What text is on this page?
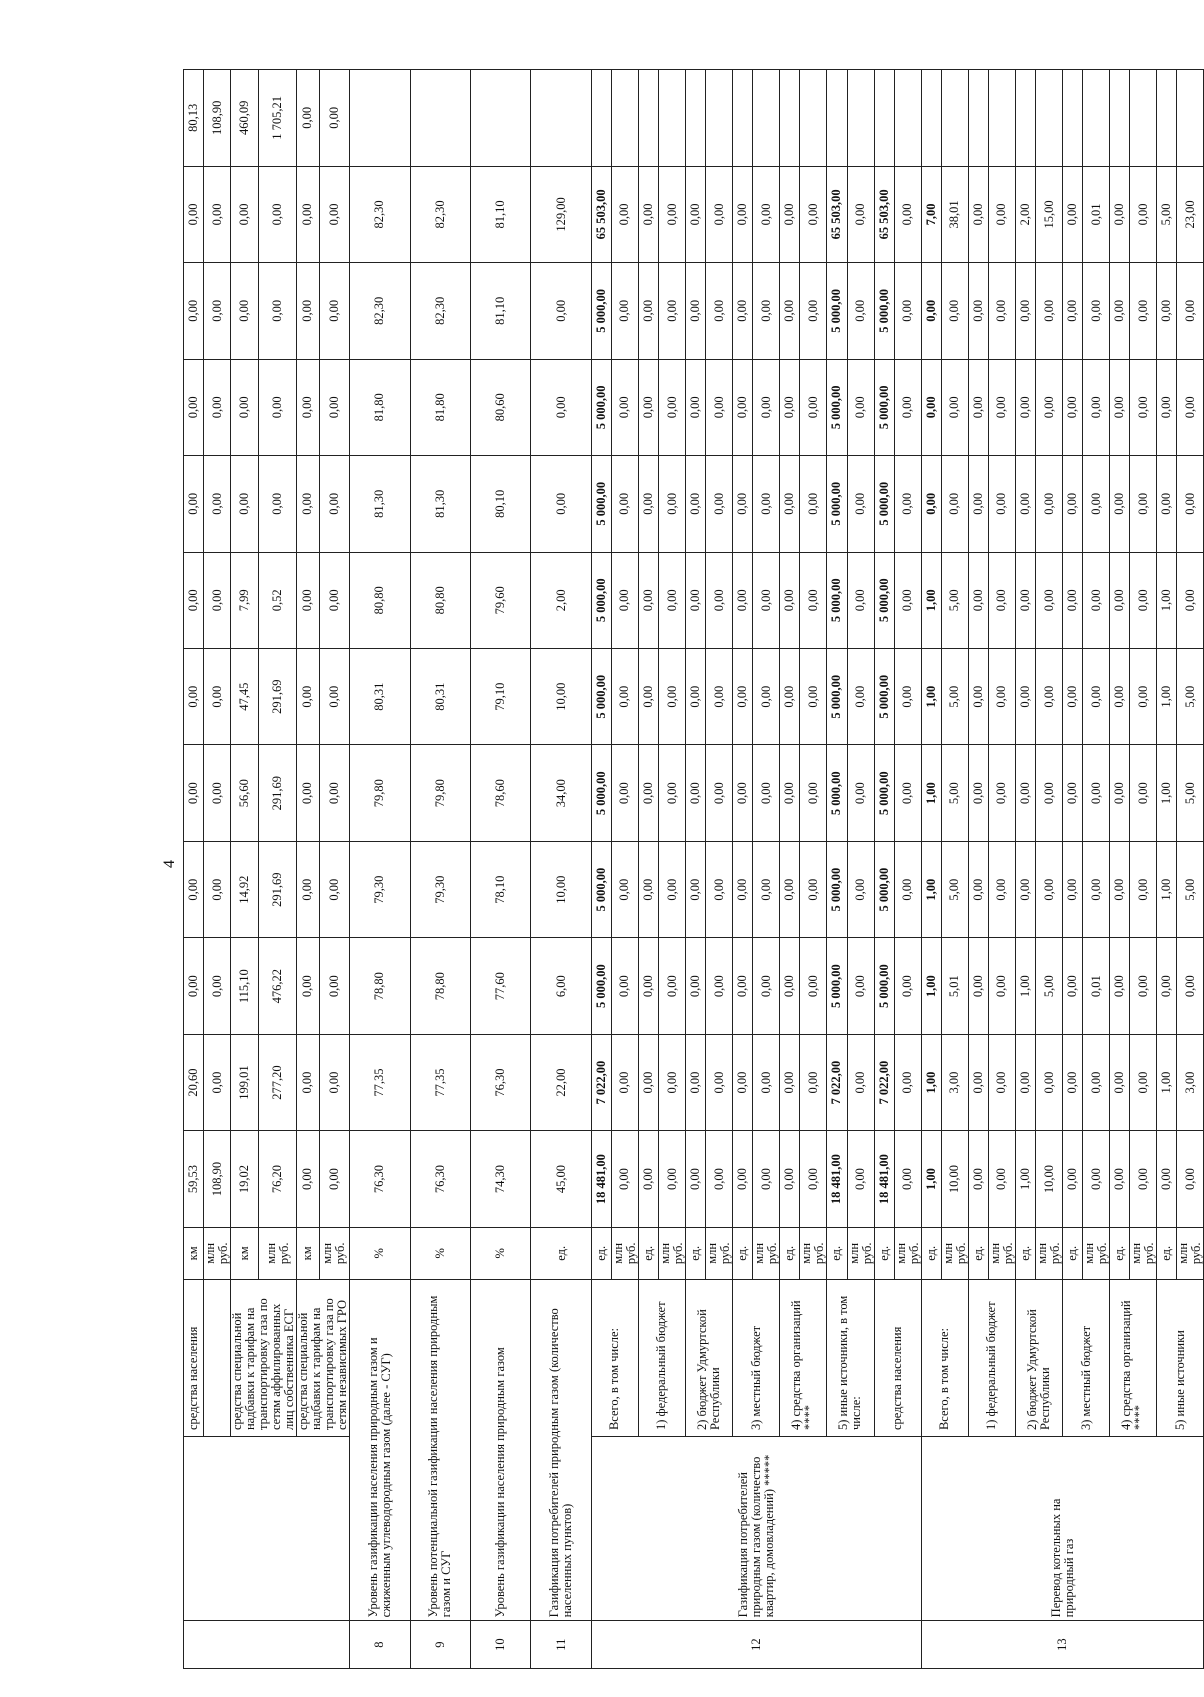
4
		средства населения	км	59,53	20,60	0,00	0,00	0,00	0,00	0,00	0,00	0,00	0,00	0,00	80,13
			млн руб.	108,90	0,00	0,00	0,00	0,00	0,00	0,00	0,00	0,00	0,00	0,00	108,90
		средства специальной надбавки к тарифам на транспортировку газа по сетям аффилированных лиц собственника ЕСГ	км	19,02	199,01	115,10	14,92	56,60	47,45	7,99	0,00	0,00	0,00	0,00	460,09
			млн руб.	76,20	277,20	476,22	291,69	291,69	291,69	0,52	0,00	0,00	0,00	0,00	1 705,21
		средства специальной надбавки к тарифам на транспортировку газа по сетям независимых ГРО	км	0,00	0,00	0,00	0,00	0,00	0,00	0,00	0,00	0,00	0,00	0,00	0,00
			млн руб.	0,00	0,00	0,00	0,00	0,00	0,00	0,00	0,00	0,00	0,00	0,00	0,00
8	Уровень газификации населения природным газом и сжиженным углеводородным газом (далее - СУГ)		%	76,30	77,35	78,80	79,30	79,80	80,31	80,80	81,30	81,80	82,30	82,30	
9	Уровень потенциальной газификации населения природным газом и СУГ		%	76,30	77,35	78,80	79,30	79,80	80,31	80,80	81,30	81,80	82,30	82,30	
10	Уровень газификации населения природным газом		%	74,30	76,30	77,60	78,10	78,60	79,10	79,60	80,10	80,60	81,10	81,10	
11	Газификация потребителей природным газом (количество населенных пунктов)		ед.	45,00	22,00	6,00	10,00	34,00	10,00	2,00	0,00	0,00	0,00	129,00	
12	Газификация потребителей природным газом (количество квартир, домовладений) *****	Всего, в том числе:	ед.	18 481,00	7 022,00	5 000,00	5 000,00	5 000,00	5 000,00	5 000,00	5 000,00	5 000,00	5 000,00	65 503,00	
			млн руб.	0,00	0,00	0,00	0,00	0,00	0,00	0,00	0,00	0,00	0,00	0,00	
		1) федеральный бюджет	ед.	0,00	0,00	0,00	0,00	0,00	0,00	0,00	0,00	0,00	0,00	0,00	
			млн руб.	0,00	0,00	0,00	0,00	0,00	0,00	0,00	0,00	0,00	0,00	0,00	
		2) бюджет Удмуртской Республики	ед.	0,00	0,00	0,00	0,00	0,00	0,00	0,00	0,00	0,00	0,00	0,00	
			млн руб.	0,00	0,00	0,00	0,00	0,00	0,00	0,00	0,00	0,00	0,00	0,00	
		3) местный бюджет	ед.	0,00	0,00	0,00	0,00	0,00	0,00	0,00	0,00	0,00	0,00	0,00	
			млн руб.	0,00	0,00	0,00	0,00	0,00	0,00	0,00	0,00	0,00	0,00	0,00	
		4) средства организаций ****	ед.	0,00	0,00	0,00	0,00	0,00	0,00	0,00	0,00	0,00	0,00	0,00	
			млн руб.	0,00	0,00	0,00	0,00	0,00	0,00	0,00	0,00	0,00	0,00	0,00	
		5) иные источники, в том числе:	ед.	18 481,00	7 022,00	5 000,00	5 000,00	5 000,00	5 000,00	5 000,00	5 000,00	5 000,00	5 000,00	65 503,00	
			млн руб.	0,00	0,00	0,00	0,00	0,00	0,00	0,00	0,00	0,00	0,00	0,00	
		средства населения	ед.	18 481,00	7 022,00	5 000,00	5 000,00	5 000,00	5 000,00	5 000,00	5 000,00	5 000,00	5 000,00	65 503,00	
			млн руб.	0,00	0,00	0,00	0,00	0,00	0,00	0,00	0,00	0,00	0,00	0,00	
13	Перевод котельных на природный газ	Всего, в том числе:	ед.	1,00	1,00	1,00	1,00	1,00	1,00	1,00	0,00	0,00	0,00	7,00	
			млн руб.	10,00	3,00	5,01	5,00	5,00	5,00	5,00	0,00	0,00	0,00	38,01	
		1) федеральный бюджет	ед.	0,00	0,00	0,00	0,00	0,00	0,00	0,00	0,00	0,00	0,00	0,00	
			млн руб.	0,00	0,00	0,00	0,00	0,00	0,00	0,00	0,00	0,00	0,00	0,00	
		2) бюджет Удмуртской Республики	ед.	1,00	0,00	1,00	0,00	0,00	0,00	0,00	0,00	0,00	0,00	2,00	
			млн руб.	10,00	0,00	5,00	0,00	0,00	0,00	0,00	0,00	0,00	0,00	15,00	
		3) местный бюджет	ед.	0,00	0,00	0,00	0,00	0,00	0,00	0,00	0,00	0,00	0,00	0,00	
			млн руб.	0,00	0,00	0,01	0,00	0,00	0,00	0,00	0,00	0,00	0,00	0,01	
		4) средства организаций ****	ед.	0,00	0,00	0,00	0,00	0,00	0,00	0,00	0,00	0,00	0,00	0,00	
			млн руб.	0,00	0,00	0,00	0,00	0,00	0,00	0,00	0,00	0,00	0,00	0,00	
		5) иные источники	ед.	0,00	1,00	0,00	1,00	1,00	1,00	1,00	0,00	0,00	0,00	5,00	
			млн руб.	0,00	3,00	0,00	5,00	5,00	5,00	0,00	0,00	0,00	0,00	23,00	
